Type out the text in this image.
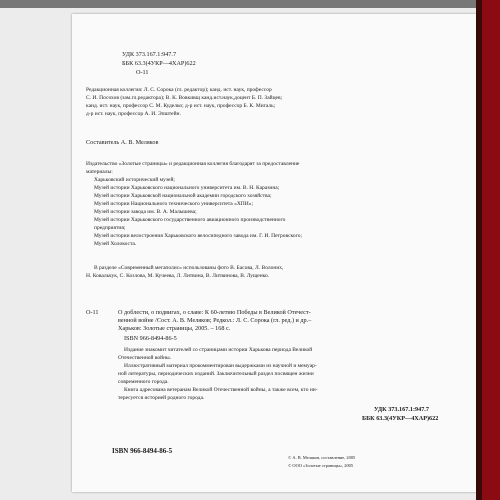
УДК 373.167.1:947.7
ББК 63.3(4УКР—4ХАР)622
О-11
Редакционная коллегия: Л. С. Сорока (гл. редактор); канд. ист. наук, профессор
С. И. Посохов (зам.гл.редактора); В. К. Вовкивщ канд.ист.наук,доцент Б. П. Зайцев;
канд. ист. наук, профессор С. М. Куделко; д-р ист. наук, профессор Б. К. Мигаль;
д-р ист. наук, профессор А. И. Эпштейн.
Составитель А. В. Меляков
Издательство «Золотые страницы» и редакционная коллегия благодарят за предоставление
материалы:
Харьковский исторический музей;
Музей истории Харьковского национального университета им. В. Н. Каразина;
Музей истории Харьковской национальной академии городского хозяйства;
Музей истории Национального технического университета «ХПИ»;
Музей истории завода им. В. А. Малышева;
Музей истории Харьковского государственного авиационного производственного
предприятия;
Музей истории велостроения Харьковского велосипедного завода им. Г. И. Петровского;
Музей Холокоста.
В разделе «Современный мегаполис» использованы фото В. Басова, Л. Волоних,
Н. Ковальчук, С. Козлова, М. Кучеева, Л. Литвина, В. Литвинова, В. Лущенко.
О-11	О доблести, о подвигах, о славе: К 60-летию Победы в Великой Отечест-
венной войне /Сост. А. В. Меляков; Редкол.: Л. С. Сорока (гл. ред.) и др.–
Харьков: Золотые страницы, 2005. – 168 с.
ISBN 966-8494-86-5
Издание знакомит читателей со страницами истории Харькова периода Великой
Отечественной войны.
Иллюстративный материал прокомментирован выдержками из научной и мемуар-
ной литературы, периодических изданий. Заключительный раздел посвящен жизни
современного города.
Книга адресована ветеранам Великой Отечественной войны, а также всем, кто ин-
тересуется историей родного города.
УДК 373.167.1:947.7
ББК 63.3(4УКР—4ХАР)622
ISBN 966-8494-86-5
© А. В. Меляков, составление, 2005
© ООО «Золотые страницы», 2005
